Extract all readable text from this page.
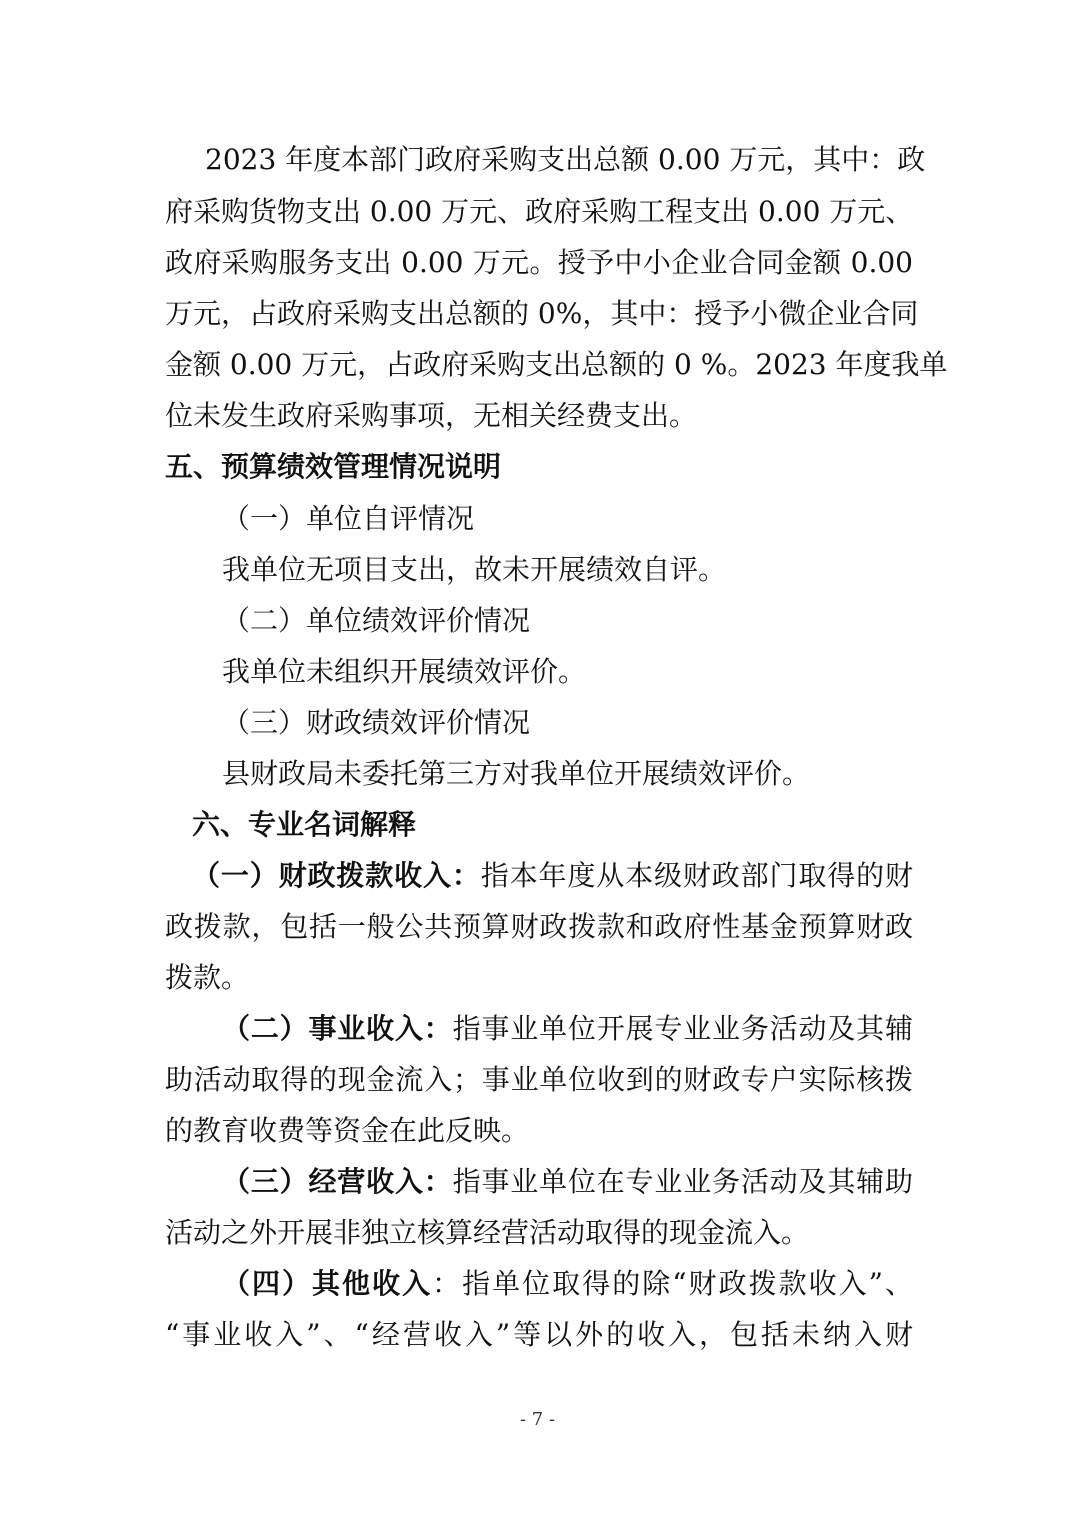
2023 年度本部门政府采购支出总额 0.00 万元，其中：政
府采购货物支出 0.00 万元、政府采购工程支出 0.00 万元、
政府采购服务支出 0.00 万元。授予中小企业合同金额 0.00
万元，占政府采购支出总额的 0%，其中：授予小微企业合同
金额 0.00 万元，占政府采购支出总额的 0 %。2023 年度我单
位未发生政府采购事项，无相关经费支出。
五、预算绩效管理情况说明
（一）单位自评情况
我单位无项目支出，故未开展绩效自评。
（二）单位绩效评价情况
我单位未组织开展绩效评价。
（三）财政绩效评价情况
县财政局未委托第三方对我单位开展绩效评价。
六、专业名词解释
（一）财政拨款收入：指本年度从本级财政部门取得的财
政拨款，包括一般公共预算财政拨款和政府性基金预算财政
拨款。
（二）事业收入：指事业单位开展专业业务活动及其辅
助活动取得的现金流入；事业单位收到的财政专户实际核拨
的教育收费等资金在此反映。
（三）经营收入：指事业单位在专业业务活动及其辅助
活动之外开展非独立核算经营活动取得的现金流入。
（四）其他收入：指单位取得的除“财政拨款收入”、
“事业收入”、“经营收入”等以外的收入，包括未纳入财
- 7 -
